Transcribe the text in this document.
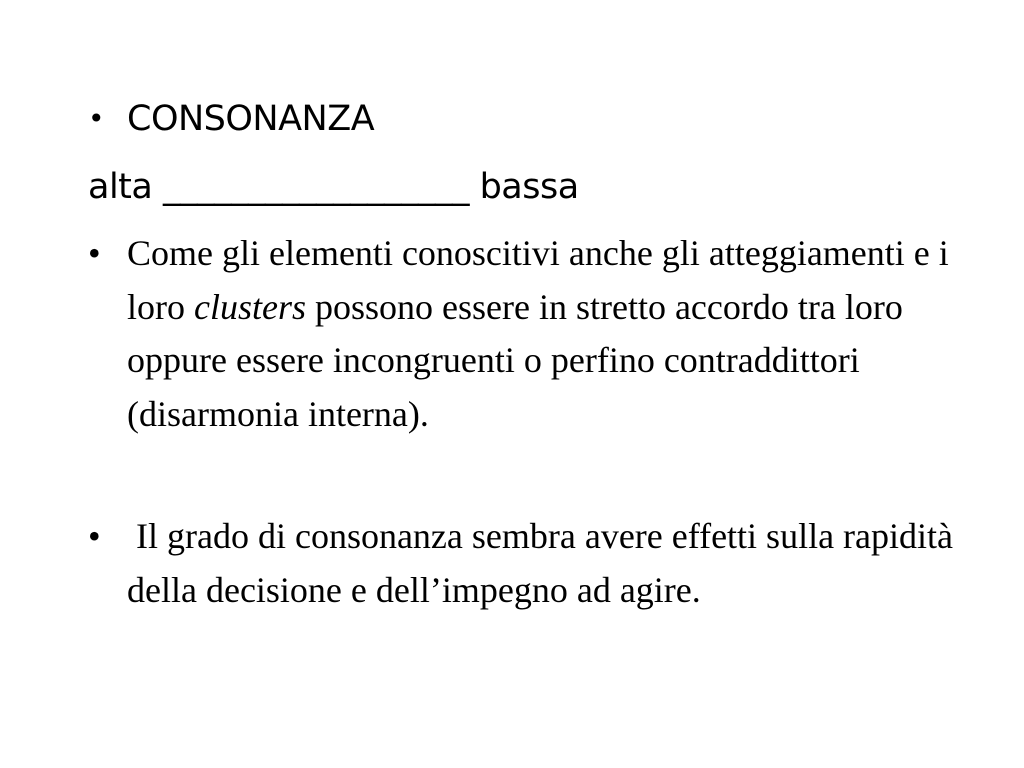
• CONSONANZA
alta __________________ bassa
• Come gli elementi conoscitivi anche gli atteggiamenti e i loro clusters possono essere in stretto accordo tra loro oppure essere incongruenti o perfino contraddittori (disarmonia interna).
• Il grado di consonanza sembra avere effetti sulla rapidità della decisione e dell’impegno ad agire.
